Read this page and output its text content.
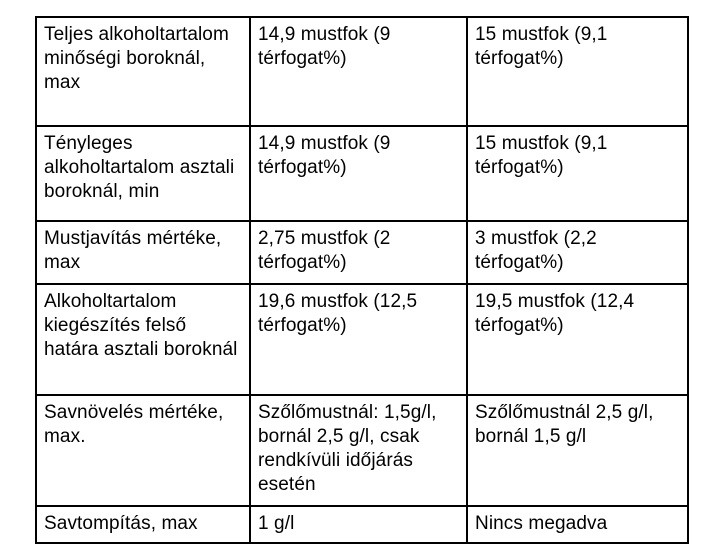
Teljes alkoholtartalom minőségi boroknál, max	14,9 mustfok (9 térfogat%)	15 mustfok (9,1 térfogat%)
Tényleges alkoholtartalom asztali boroknál, min	14,9 mustfok (9 térfogat%)	15 mustfok (9,1 térfogat%)
Mustjavítás mértéke, max	2,75 mustfok (2 térfogat%)	3 mustfok (2,2 térfogat%)
Alkoholtartalom kiegészítés felső határa asztali boroknál	19,6 mustfok (12,5 térfogat%)	19,5 mustfok (12,4 térfogat%)
Savnövelés mértéke, max.	Szőlőmustnál: 1,5g/l, bornál 2,5 g/l, csak rendkívüli időjárás esetén	Szőlőmustnál 2,5 g/l, bornál 1,5 g/l
Savtompítás, max	1 g/l	Nincs megadva
